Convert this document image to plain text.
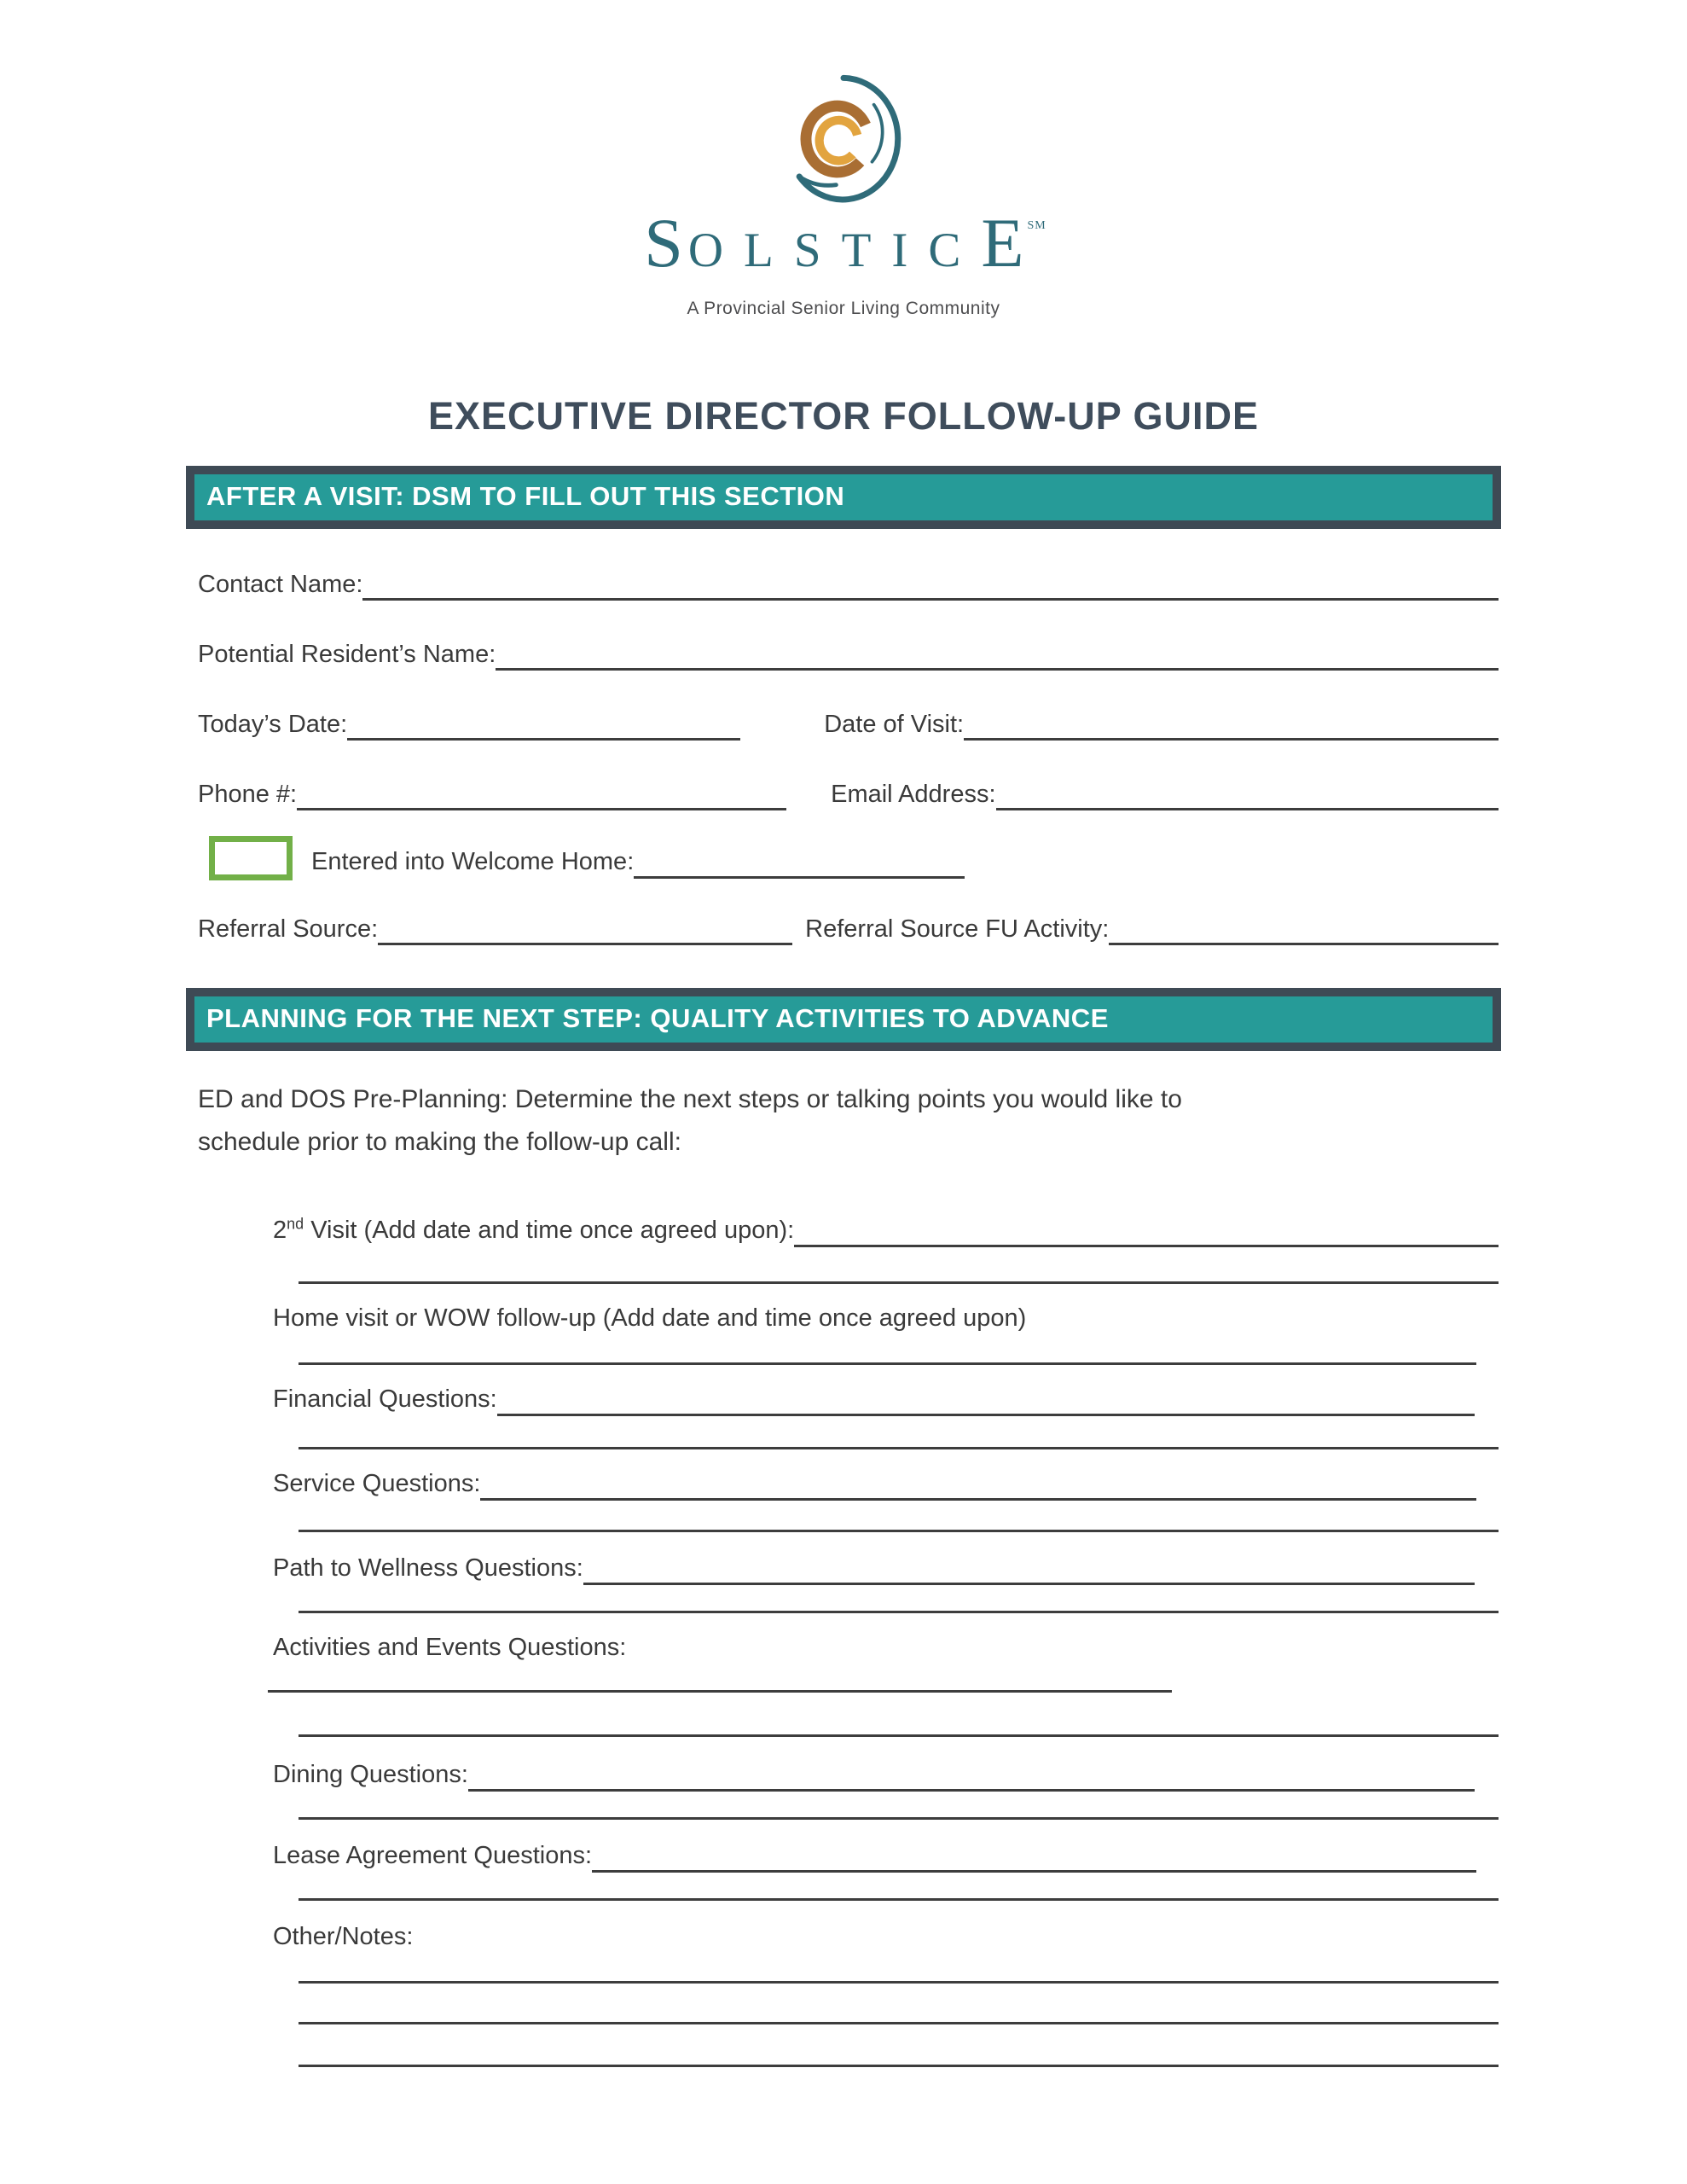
S OLSTICE SM
A Provincial Senior Living Community
EXECUTIVE DIRECTOR FOLLOW-UP GUIDE
AFTER A VISIT: DSM TO FILL OUT THIS SECTION
Contact Name:
Potential Resident’s Name:
Today’s Date:	Date of Visit:
Phone #:	Email Address:
Entered into Welcome Home:
Referral Source:	Referral Source FU Activity:
PLANNING FOR THE NEXT STEP: QUALITY ACTIVITIES TO ADVANCE
ED and DOS Pre-Planning: Determine the next steps or talking points you would like to schedule prior to making the follow-up call:
2nd Visit (Add date and time once agreed upon):
Home visit or WOW follow-up (Add date and time once agreed upon)
Financial Questions:
Service Questions:
Path to Wellness Questions:
Activities and Events Questions:
Dining Questions:
Lease Agreement Questions:
Other/Notes:
